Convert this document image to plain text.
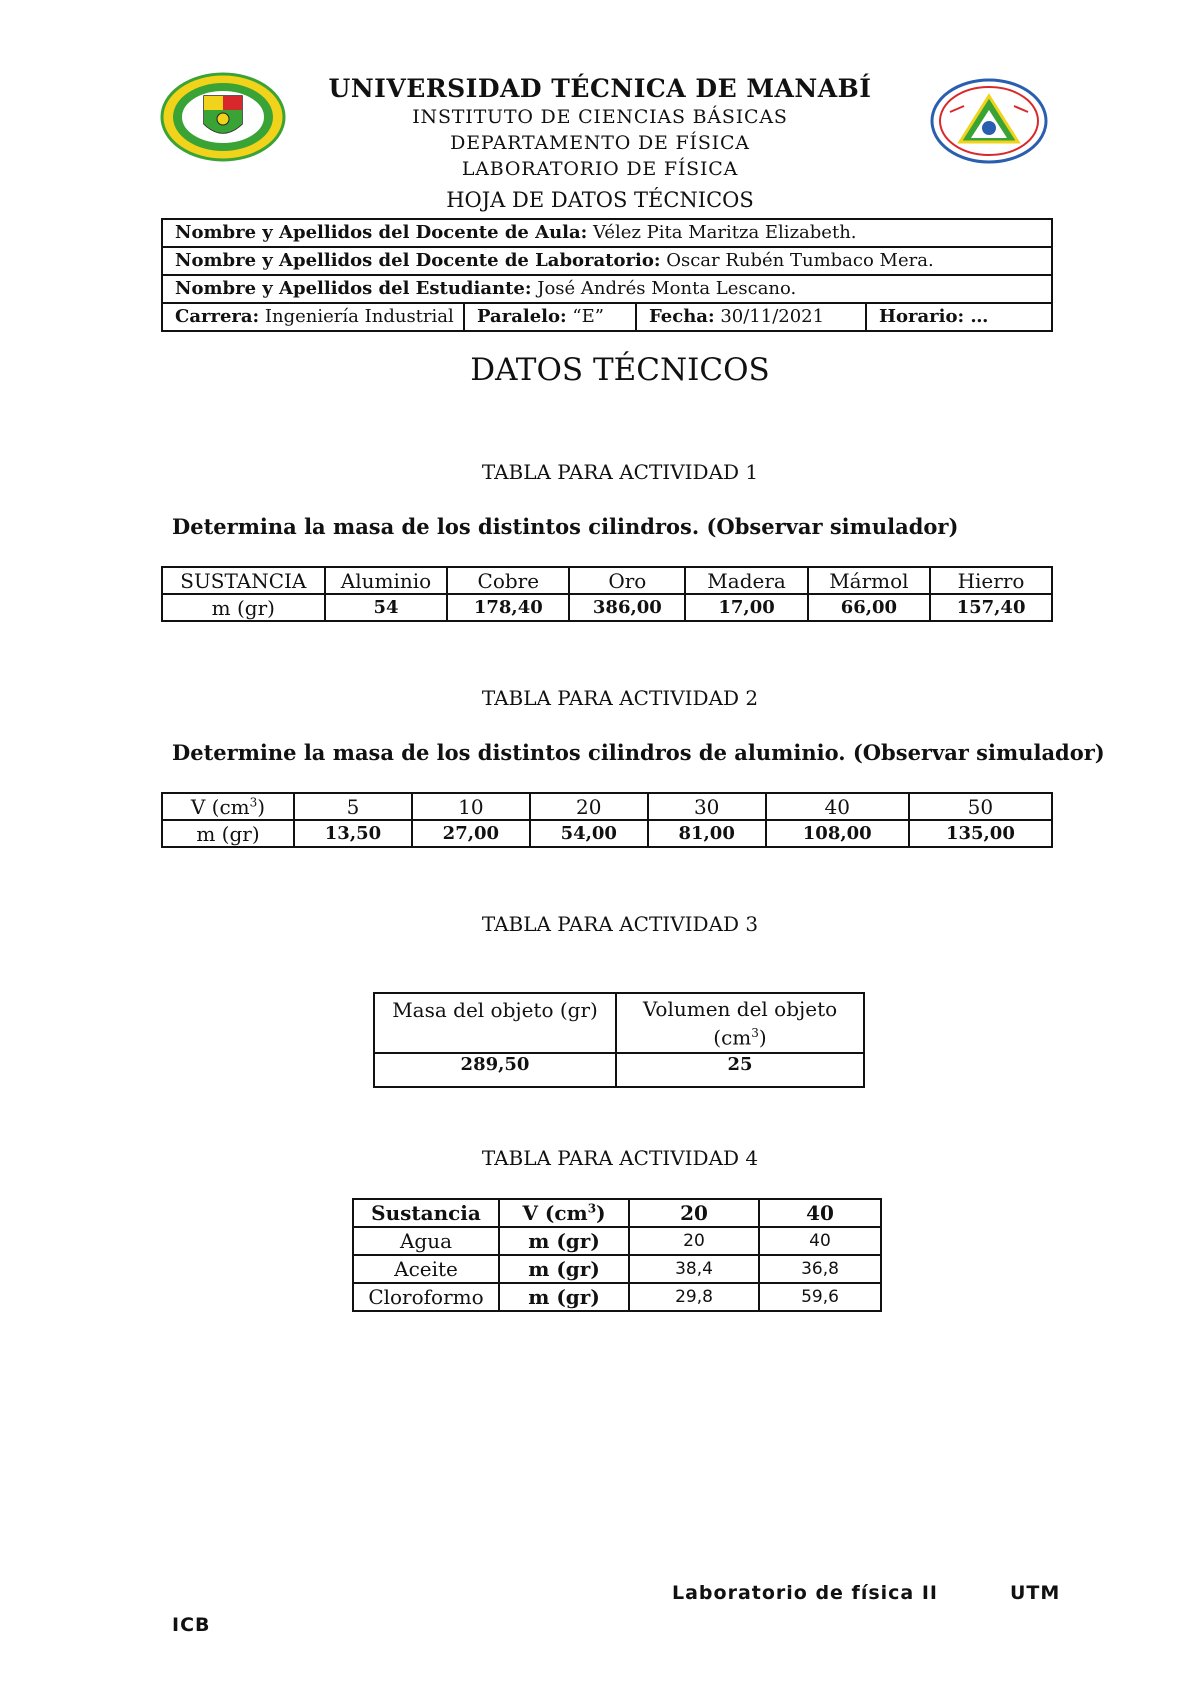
UNIVERSIDAD TÉCNICA DE MANABÍ
INSTITUTO DE CIENCIAS BÁSICAS
DEPARTAMENTO DE FÍSICA
LABORATORIO DE FÍSICA
HOJA DE DATOS TÉCNICOS
Nombre y Apellidos del Docente de Aula: Vélez Pita Maritza Elizabeth.
Nombre y Apellidos del Docente de Laboratorio: Oscar Rubén Tumbaco Mera.
Nombre y Apellidos del Estudiante: José Andrés Monta Lescano.
Carrera: Ingeniería Industrial	Paralelo: “E”	Fecha: 30/11/2021	Horario: …
DATOS TÉCNICOS
TABLA PARA ACTIVIDAD 1
Determina la masa de los distintos cilindros. (Observar simulador)
SUSTANCIA	Aluminio	Cobre	Oro	Madera	Mármol	Hierro
m (gr)	54	178,40	386,00	17,00	66,00	157,40
TABLA PARA ACTIVIDAD 2
Determine la masa de los distintos cilindros de aluminio. (Observar simulador)
V $(cm^3)$	5	10	20	30	40	50
m (gr)	13,50	27,00	54,00	81,00	108,00	135,00
TABLA PARA ACTIVIDAD 3
Masa del objeto (gr)	Volumen del objeto
$(cm^3)$
289,50	25
TABLA PARA ACTIVIDAD 4
Sustancia	V $(cm^3)$	20	40
Agua	m (gr)	20	40
Aceite	m (gr)	38,4	36,8
Cloroformo	m (gr)	29,8	59,6
Laboratorio de física II	UTM
ICB
